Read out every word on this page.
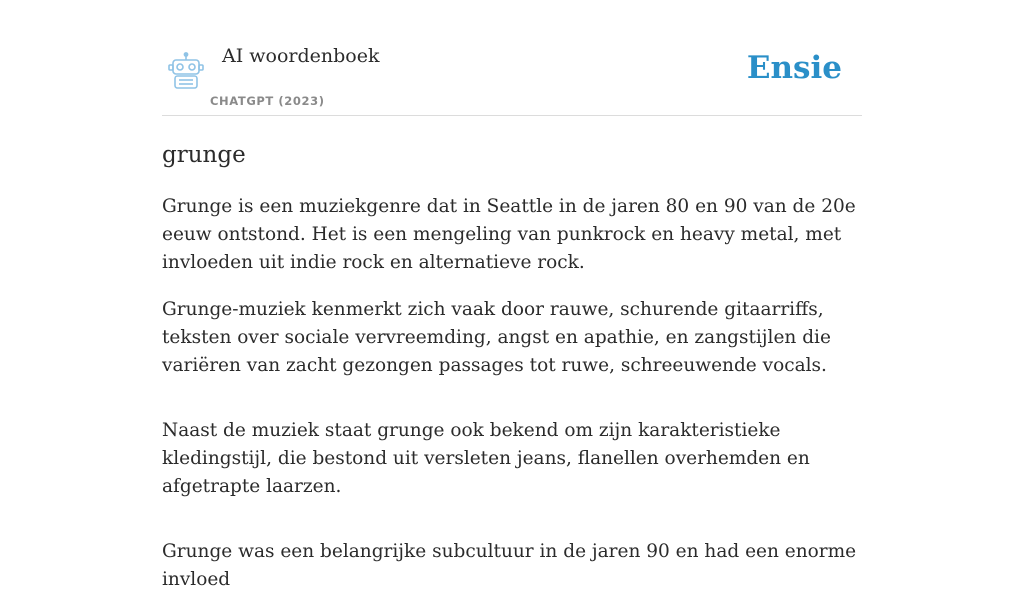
AI woordenboek
CHATGPT (2023)
Ensie
grunge

Grunge is een muziekgenre dat in Seattle in de jaren 80 en 90 van de 20e eeuw ontstond. Het is een mengeling van punkrock en heavy metal, met invloeden uit indie rock en alternatieve rock.

Grunge-muziek kenmerkt zich vaak door rauwe, schurende gitaarriffs, teksten over sociale vervreemding, angst en apathie, en zangstijlen die variëren van zacht gezongen passages tot ruwe, schreeuwende vocals.

Naast de muziek staat grunge ook bekend om zijn karakteristieke kledingstijl, die bestond uit versleten jeans, flanellen overhemden en afgetrapte laarzen.

Grunge was een belangrijke subcultuur in de jaren 90 en had een enorme invloed
